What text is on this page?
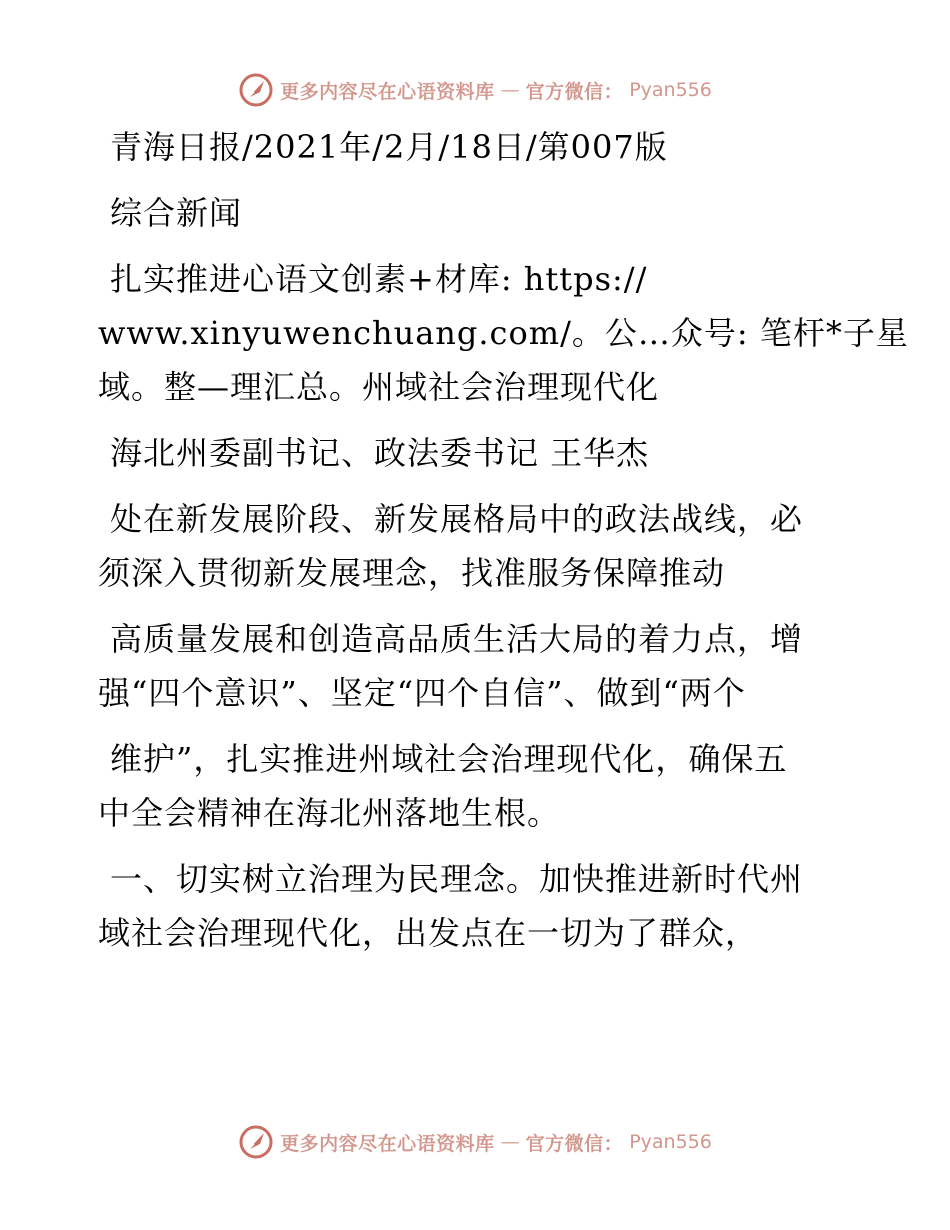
更多内容尽在心语资料库 — 官方微信： Pyan556
青海日报/2021年/2月/18日/第007版
综合新闻
扎实推进心语文创素+材库: https://
www.xinyuwenchuang.com/。公…众号: 笔杆*子星
域。整—理汇总。州域社会治理现代化
海北州委副书记、政法委书记 王华杰
处在新发展阶段、新发展格局中的政法战线，必
须深入贯彻新发展理念，找准服务保障推动
高质量发展和创造高品质生活大局的着力点，增
强“四个意识”、坚定“四个自信”、做到“两个
维护”，扎实推进州域社会治理现代化，确保五
中全会精神在海北州落地生根。
一、切实树立治理为民理念。加快推进新时代州
域社会治理现代化，出发点在一切为了群众，
更多内容尽在心语资料库 — 官方微信： Pyan556
